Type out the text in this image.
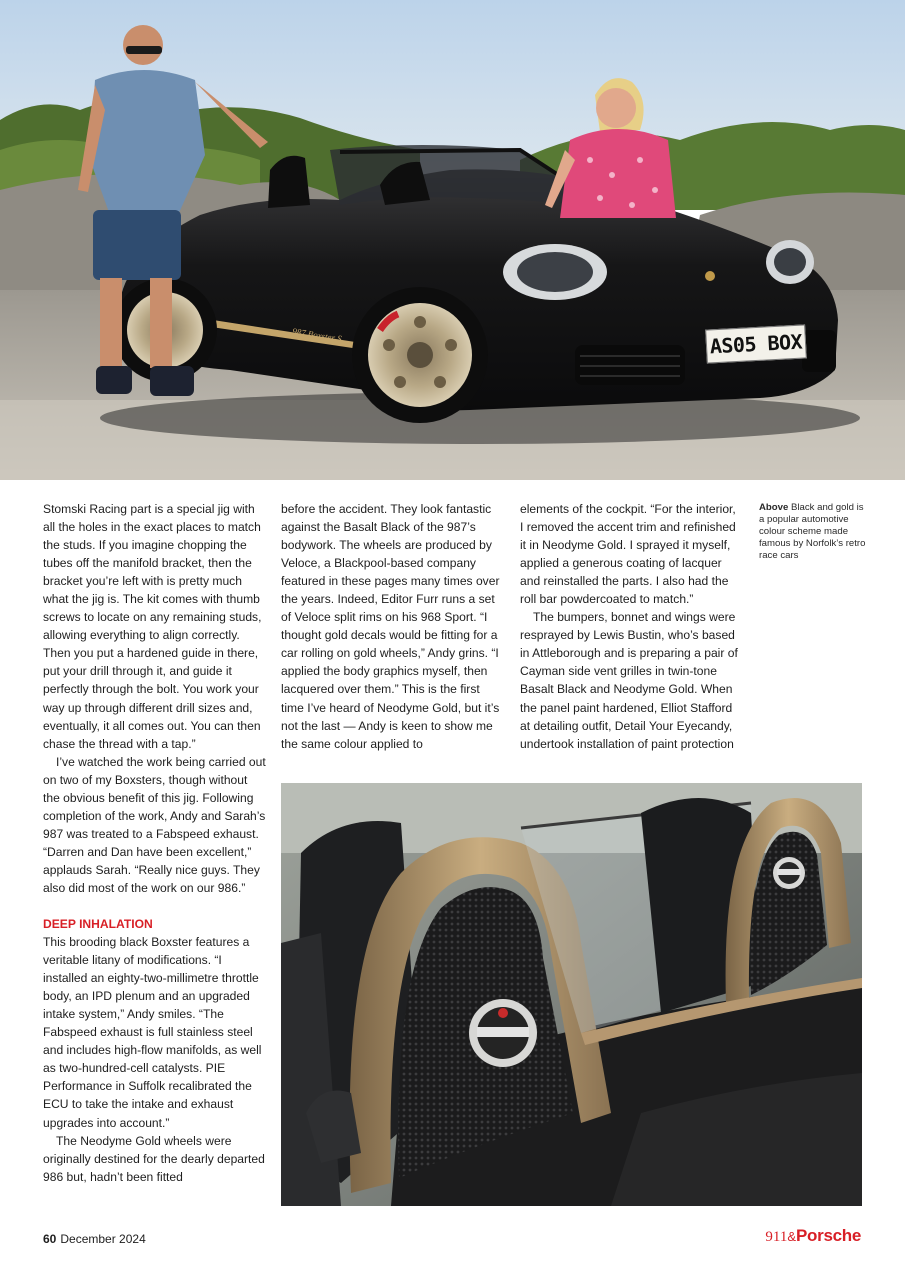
987 Boxster S	AS05 BOX

Stomski Racing part is a special jig with all the holes in the exact places to match the studs. If you imagine chopping the tubes off the manifold bracket, then the bracket you’re left with is pretty much what the jig is. The kit comes with thumb screws to locate on any remaining studs, allowing everything to align correctly. Then you put a hardened guide in there, put your drill through it, and guide it perfectly through the bolt. You work your way up through different drill sizes and, eventually, it all comes out. You can then chase the thread with a tap.”

I’ve watched the work being carried out on two of my Boxsters, though without the obvious benefit of this jig. Following completion of the work, Andy and Sarah’s 987 was treated to a Fabspeed exhaust. “Darren and Dan have been excellent,” applauds Sarah. “Really nice guys. They also did most of the work on our 986.”

DEEP INHALATION

This brooding black Boxster features a veritable litany of modifications. “I installed an eighty-two-millimetre throttle body, an IPD plenum and an upgraded intake system,” Andy smiles. “The Fabspeed exhaust is full stainless steel and includes high-flow manifolds, as well as two-hundred-cell catalysts. PIE Performance in Suffolk recalibrated the ECU to take the intake and exhaust upgrades into account.”

The Neodyme Gold wheels were originally destined for the dearly departed 986 but, hadn’t been fitted

before the accident. They look fantastic against the Basalt Black of the 987’s bodywork. The wheels are produced by Veloce, a Blackpool-based company featured in these pages many times over the years. Indeed, Editor Furr runs a set of Veloce split rims on his 968 Sport. “I thought gold decals would be fitting for a car rolling on gold wheels,” Andy grins. “I applied the body graphics myself, then lacquered over them.” This is the first time I’ve heard of Neodyme Gold, but it’s not the last — Andy is keen to show me the same colour applied to

elements of the cockpit. “For the interior, I removed the accent trim and refinished it in Neodyme Gold. I sprayed it myself, applied a generous coating of lacquer and reinstalled the parts. I also had the roll bar powdercoated to match.”

The bumpers, bonnet and wings were resprayed by Lewis Bustin, who’s based in Attleborough and is preparing a pair of Cayman side vent grilles in twin-tone Basalt Black and Neodyme Gold. When the panel paint hardened, Elliot Stafford at detailing outfit, Detail Your Eyecandy, undertook installation of paint protection

Above Black and gold is a popular automotive colour scheme made famous by Norfolk’s retro race cars
60 December 2024	911&Porsche
